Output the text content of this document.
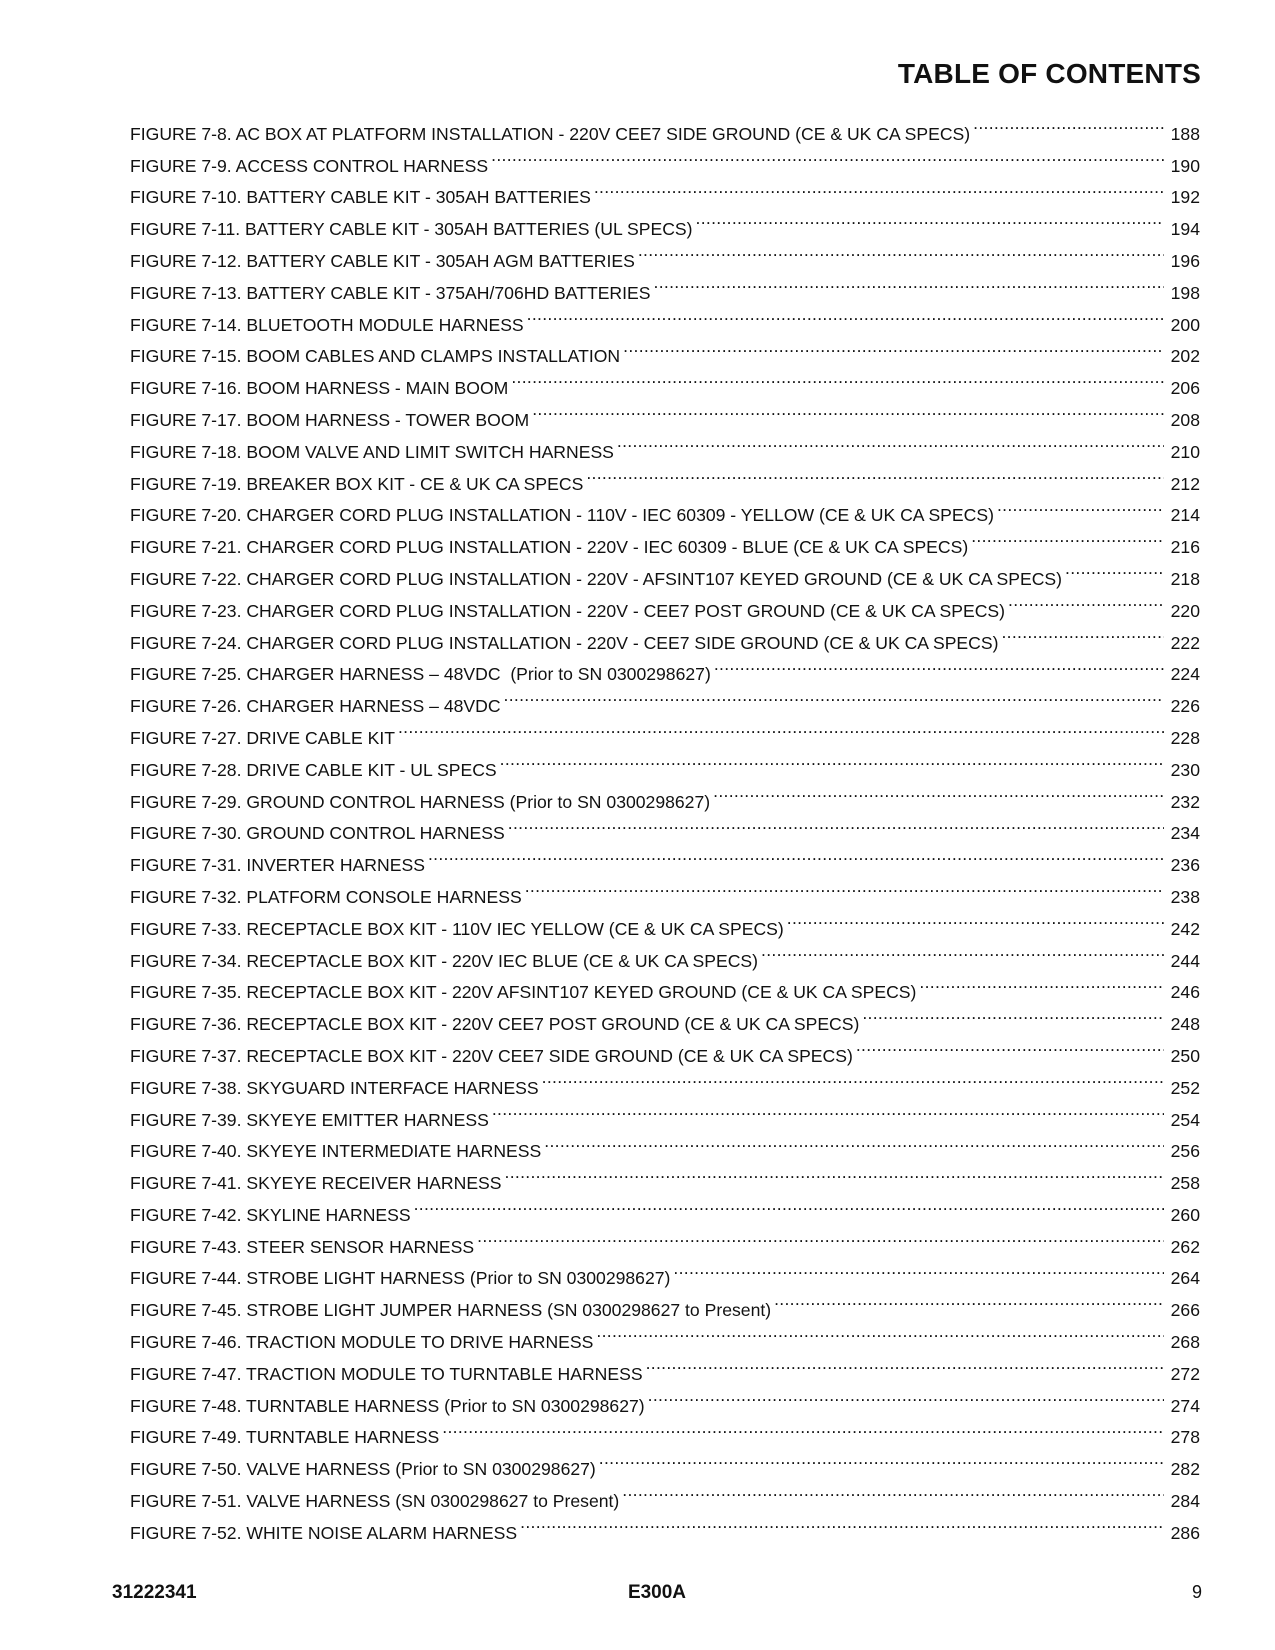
TABLE OF CONTENTS
FIGURE 7-8. AC BOX AT PLATFORM INSTALLATION - 220V CEE7 SIDE GROUND (CE & UK CA SPECS) .....	188
FIGURE 7-9. ACCESS CONTROL HARNESS .....	190
FIGURE 7-10. BATTERY CABLE KIT - 305AH BATTERIES .....	192
FIGURE 7-11. BATTERY CABLE KIT - 305AH BATTERIES (UL SPECS) .....	194
FIGURE 7-12. BATTERY CABLE KIT - 305AH AGM BATTERIES .....	196
FIGURE 7-13. BATTERY CABLE KIT - 375AH/706HD BATTERIES .....	198
FIGURE 7-14. BLUETOOTH MODULE HARNESS .....	200
FIGURE 7-15. BOOM CABLES AND CLAMPS INSTALLATION .....	202
FIGURE 7-16. BOOM HARNESS - MAIN BOOM .....	206
FIGURE 7-17. BOOM HARNESS - TOWER BOOM .....	208
FIGURE 7-18. BOOM VALVE AND LIMIT SWITCH HARNESS .....	210
FIGURE 7-19. BREAKER BOX KIT - CE & UK CA SPECS .....	212
FIGURE 7-20. CHARGER CORD PLUG INSTALLATION - 110V - IEC 60309 - YELLOW (CE & UK CA SPECS) .....	214
FIGURE 7-21. CHARGER CORD PLUG INSTALLATION - 220V - IEC 60309 - BLUE (CE & UK CA SPECS) .....	216
FIGURE 7-22. CHARGER CORD PLUG INSTALLATION - 220V - AFSINT107 KEYED GROUND (CE & UK CA SPECS) .....	218
FIGURE 7-23. CHARGER CORD PLUG INSTALLATION - 220V - CEE7 POST GROUND (CE & UK CA SPECS) .....	220
FIGURE 7-24. CHARGER CORD PLUG INSTALLATION - 220V - CEE7 SIDE GROUND (CE & UK CA SPECS) .....	222
FIGURE 7-25. CHARGER HARNESS – 48VDC  (Prior to SN 0300298627) .....	224
FIGURE 7-26. CHARGER HARNESS – 48VDC .....	226
FIGURE 7-27. DRIVE CABLE KIT .....	228
FIGURE 7-28. DRIVE CABLE KIT - UL SPECS .....	230
FIGURE 7-29. GROUND CONTROL HARNESS (Prior to SN 0300298627) .....	232
FIGURE 7-30. GROUND CONTROL HARNESS .....	234
FIGURE 7-31. INVERTER HARNESS .....	236
FIGURE 7-32. PLATFORM CONSOLE HARNESS .....	238
FIGURE 7-33. RECEPTACLE BOX KIT - 110V IEC YELLOW (CE & UK CA SPECS) .....	242
FIGURE 7-34. RECEPTACLE BOX KIT - 220V IEC BLUE (CE & UK CA SPECS) .....	244
FIGURE 7-35. RECEPTACLE BOX KIT - 220V AFSINT107 KEYED GROUND (CE & UK CA SPECS) .....	246
FIGURE 7-36. RECEPTACLE BOX KIT - 220V CEE7 POST GROUND (CE & UK CA SPECS) .....	248
FIGURE 7-37. RECEPTACLE BOX KIT - 220V CEE7 SIDE GROUND (CE & UK CA SPECS) .....	250
FIGURE 7-38. SKYGUARD INTERFACE HARNESS .....	252
FIGURE 7-39. SKYEYE EMITTER HARNESS .....	254
FIGURE 7-40. SKYEYE INTERMEDIATE HARNESS .....	256
FIGURE 7-41. SKYEYE RECEIVER HARNESS .....	258
FIGURE 7-42. SKYLINE HARNESS .....	260
FIGURE 7-43. STEER SENSOR HARNESS .....	262
FIGURE 7-44. STROBE LIGHT HARNESS (Prior to SN 0300298627) .....	264
FIGURE 7-45. STROBE LIGHT JUMPER HARNESS (SN 0300298627 to Present) .....	266
FIGURE 7-46. TRACTION MODULE TO DRIVE HARNESS .....	268
FIGURE 7-47. TRACTION MODULE TO TURNTABLE HARNESS .....	272
FIGURE 7-48. TURNTABLE HARNESS (Prior to SN 0300298627) .....	274
FIGURE 7-49. TURNTABLE HARNESS .....	278
FIGURE 7-50. VALVE HARNESS (Prior to SN 0300298627) .....	282
FIGURE 7-51. VALVE HARNESS (SN 0300298627 to Present) .....	284
FIGURE 7-52. WHITE NOISE ALARM HARNESS .....	286
31222341	E300A	9
